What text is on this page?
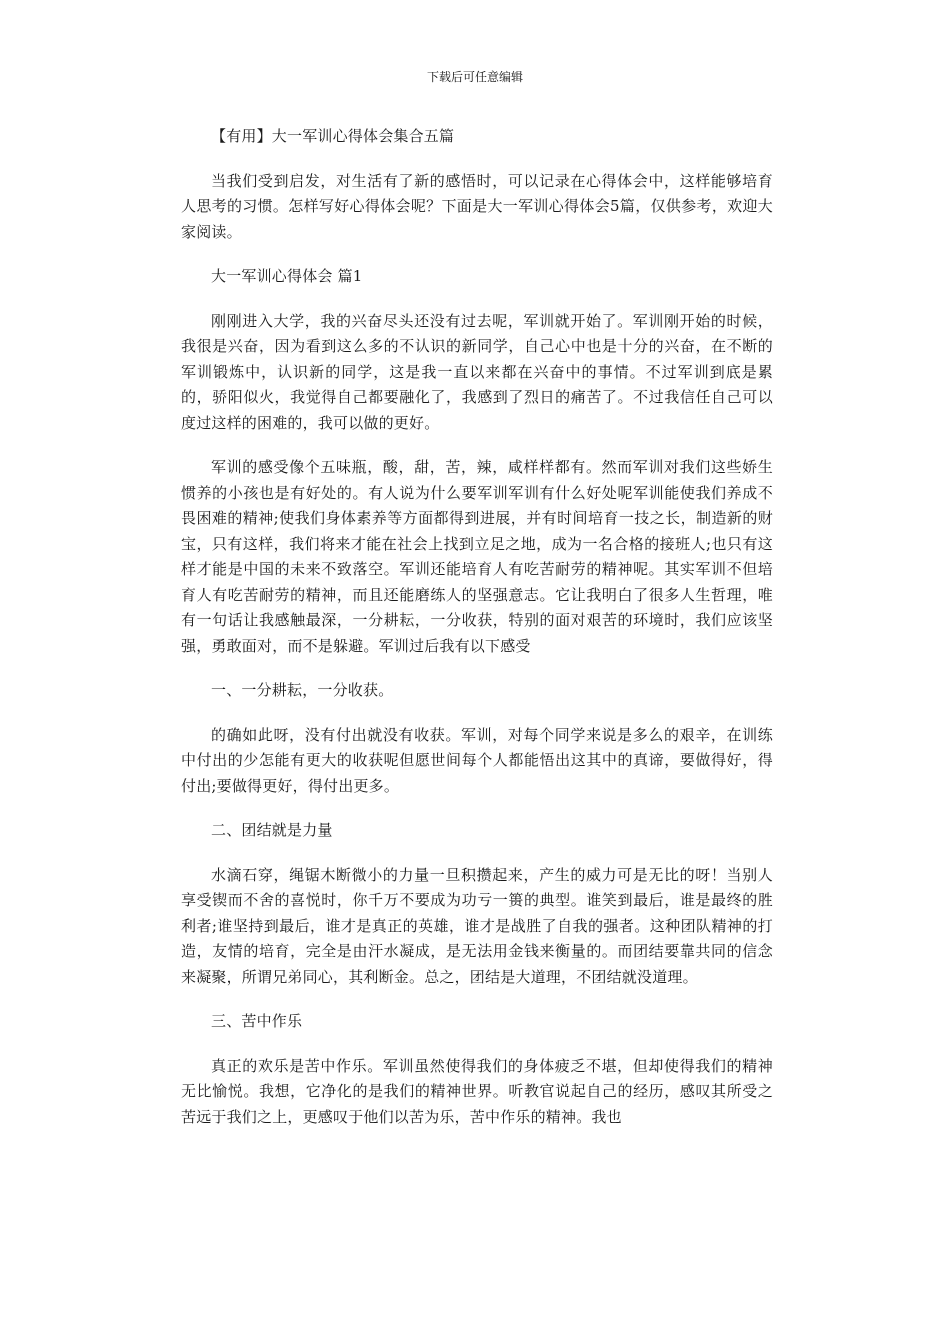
下载后可任意编辑

【有用】大一军训心得体会集合五篇

当我们受到启发，对生活有了新的感悟时，可以记录在心得体会中，这样能够培育人思考的习惯。怎样写好心得体会呢？下面是大一军训心得体会5篇，仅供参考，欢迎大家阅读。

大一军训心得体会 篇1

刚刚进入大学，我的兴奋尽头还没有过去呢，军训就开始了。军训刚开始的时候，我很是兴奋，因为看到这么多的不认识的新同学，自己心中也是十分的兴奋，在不断的军训锻炼中，认识新的同学，这是我一直以来都在兴奋中的事情。不过军训到底是累的，骄阳似火，我觉得自己都要融化了，我感到了烈日的痛苦了。不过我信任自己可以度过这样的困难的，我可以做的更好。

军训的感受像个五味瓶，酸，甜，苦，辣，咸样样都有。然而军训对我们这些娇生惯养的小孩也是有好处的。有人说为什么要军训军训有什么好处呢军训能使我们养成不畏困难的精神;使我们身体素养等方面都得到进展，并有时间培育一技之长，制造新的财宝，只有这样，我们将来才能在社会上找到立足之地，成为一名合格的接班人;也只有这样才能是中国的未来不致落空。军训还能培育人有吃苦耐劳的精神呢。其实军训不但培育人有吃苦耐劳的精神，而且还能磨练人的坚强意志。它让我明白了很多人生哲理，唯有一句话让我感触最深，一分耕耘，一分收获，特别的面对艰苦的环境时，我们应该坚强，勇敢面对，而不是躲避。军训过后我有以下感受

一、一分耕耘，一分收获。

的确如此呀，没有付出就没有收获。军训，对每个同学来说是多么的艰辛，在训练中付出的少怎能有更大的收获呢但愿世间每个人都能悟出这其中的真谛，要做得好，得付出;要做得更好，得付出更多。

二、团结就是力量

水滴石穿，绳锯木断微小的力量一旦积攒起来，产生的威力可是无比的呀！当别人享受锲而不舍的喜悦时，你千万不要成为功亏一篑的典型。谁笑到最后，谁是最终的胜利者;谁坚持到最后，谁才是真正的英雄，谁才是战胜了自我的强者。这种团队精神的打造，友情的培育，完全是由汗水凝成，是无法用金钱来衡量的。而团结要靠共同的信念来凝聚，所谓兄弟同心，其利断金。总之，团结是大道理，不团结就没道理。

三、苦中作乐

真正的欢乐是苦中作乐。军训虽然使得我们的身体疲乏不堪，但却使得我们的精神无比愉悦。我想，它净化的是我们的精神世界。听教官说起自己的经历，感叹其所受之苦远于我们之上，更感叹于他们以苦为乐，苦中作乐的精神。我也
